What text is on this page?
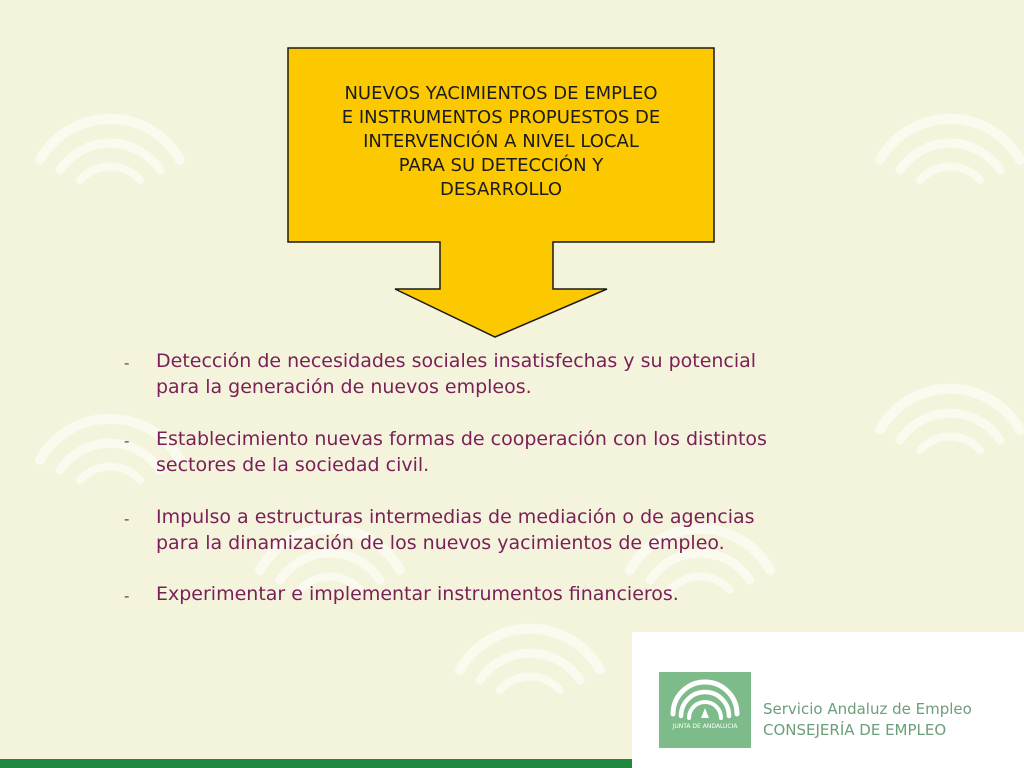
NUEVOS YACIMIENTOS DE EMPLEO
E INSTRUMENTOS PROPUESTOS DE
INTERVENCIÓN A NIVEL LOCAL
PARA SU DETECCIÓN Y
DESARROLLO
- Detección de necesidades sociales insatisfechas y su potencial
para la generación de nuevos empleos.
- Establecimiento nuevas formas de cooperación con los distintos
sectores de la sociedad civil.
- Impulso a estructuras intermedias de mediación o de agencias
para la dinamización de los nuevos yacimientos de empleo.
- Experimentar e implementar instrumentos financieros.
JUNTA DE ANDALUCIA
Servicio Andaluz de Empleo
CONSEJERÍA DE EMPLEO
